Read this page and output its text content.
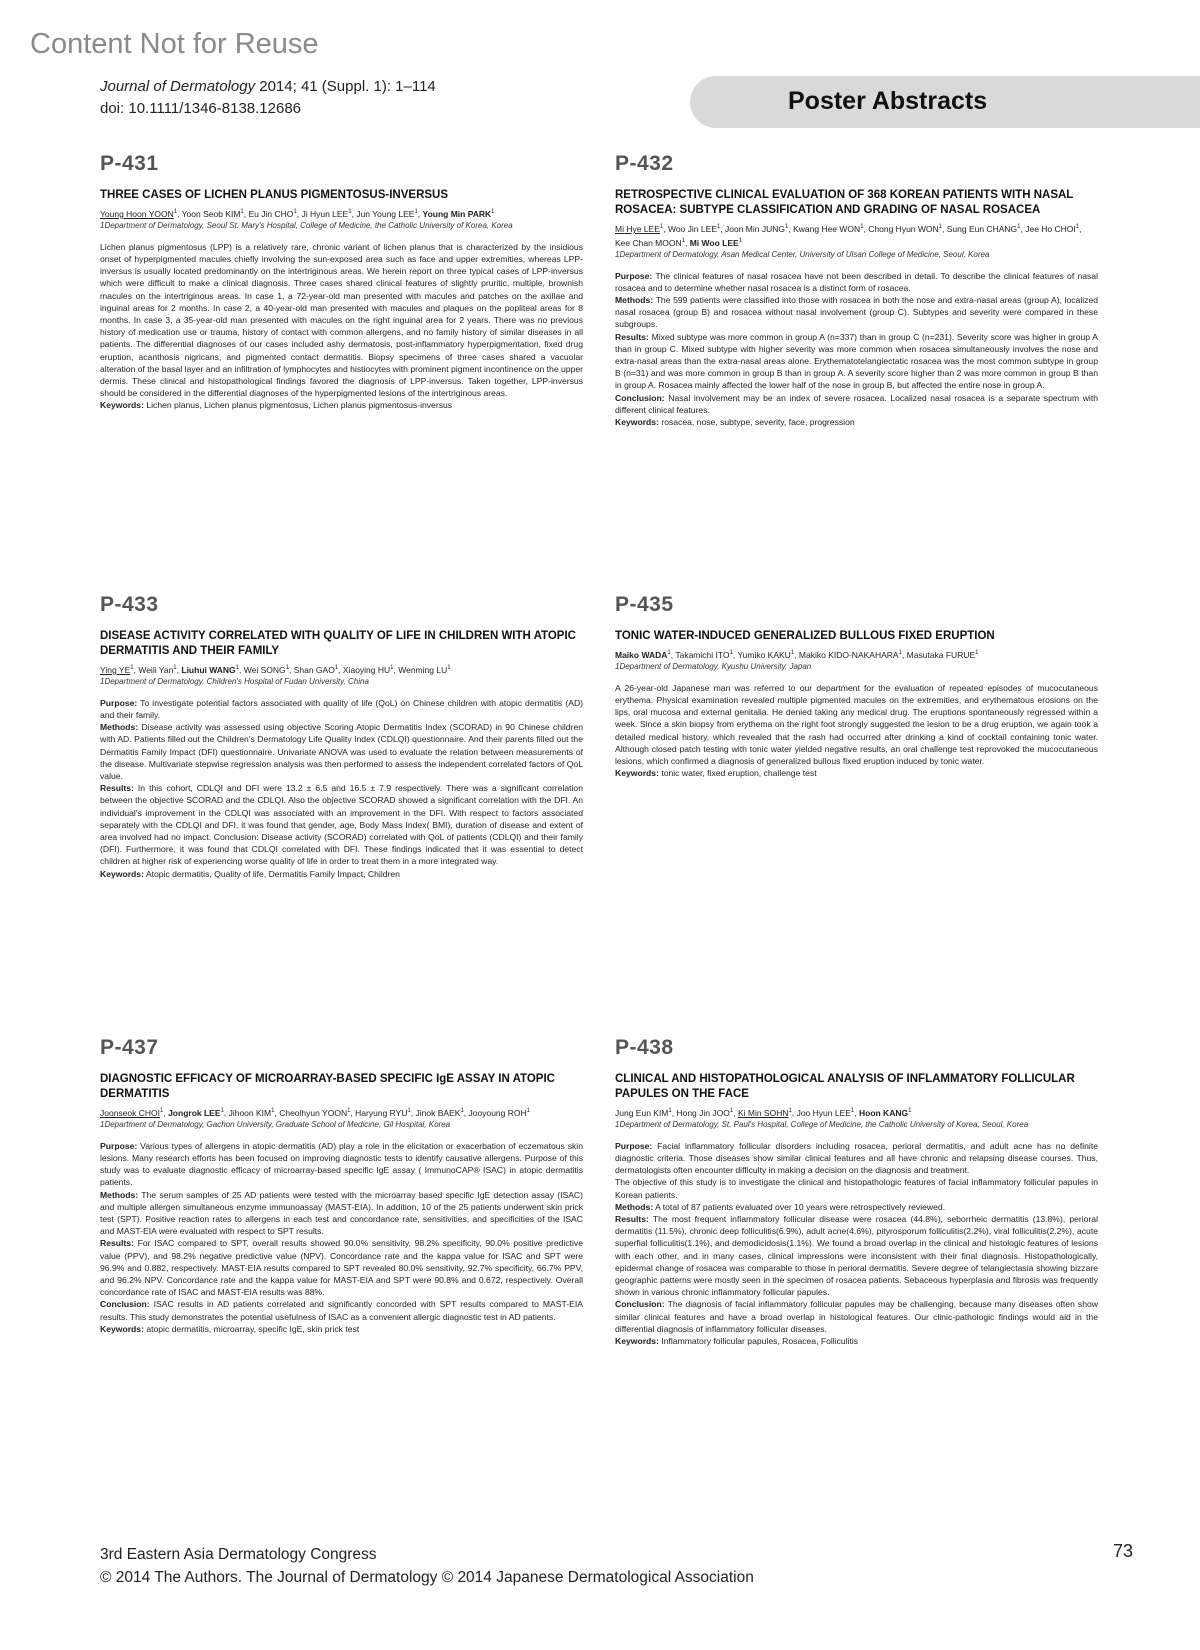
Content Not for Reuse
Journal of Dermatology 2014; 41 (Suppl. 1): 1–114
doi: 10.1111/1346-8138.12686	Poster Abstracts
P-431
THREE CASES OF LICHEN PLANUS PIGMENTOSUS-INVERSUS
Young Hoon YOON$^1$, Yoon Seob KIM$^1$, Eu Jin CHO$^1$, Ji Hyun LEE$^1$, Jun Young LEE$^1$, Young Min PARK$^1$
1Department of Dermatology, Seoul St. Mary's Hospital, College of Medicine, the Catholic University of Korea, Korea

Lichen planus pigmentosus (LPP) is a relatively rare, chronic variant of lichen planus that is characterized by the insidious onset of hyperpigmented macules chiefly involving the sun-exposed area such as face and upper extremities, whereas LPP-inversus is usually located predominantly on the intertriginous areas. We herein report on three typical cases of LPP-inversus which were difficult to make a clinical diagnosis. Three cases shared clinical features of slightly pruritic, multiple, brownish macules on the intertriginous areas. In case 1, a 72-year-old man presented with macules and patches on the axillae and inguinal areas for 2 months. In case 2, a 40-year-old man presented with macules and plaques on the popliteal areas for 8 months. In case 3, a 35-year-old man presented with macules on the right inguinal area for 2 years. There was no previous history of medication use or trauma, history of contact with common allergens, and no family history of similar diseases in all patients. The differential diagnoses of our cases included ashy dermatosis, post-inflammatory hyperpigmentation, fixed drug eruption, acanthosis nigricans, and pigmented contact dermatitis. Biopsy specimens of three cases shared a vacuolar alteration of the basal layer and an infiltration of lymphocytes and histiocytes with prominent pigment incontinence on the upper dermis. These clinical and histopathological findings favored the diagnosis of LPP-inversus. Taken together, LPP-inversus should be considered in the differential diagnoses of the hyperpigmented lesions of the intertriginous areas.

Keywords: Lichen planus, Lichen planus pigmentosus, Lichen planus pigmentosus-inversus

P-432
RETROSPECTIVE CLINICAL EVALUATION OF 368 KOREAN PATIENTS WITH NASAL ROSACEA: SUBTYPE CLASSIFICATION AND GRADING OF NASAL ROSACEA
Mi Hye LEE$^1$, Woo Jin LEE$^1$, Joon Min JUNG$^1$, Kwang Hee WON$^1$, Chong Hyun WON$^1$, Sung Eun CHANG$^1$, Jee Ho CHOI$^1$, Kee Chan MOON$^1$, Mi Woo LEE$^1$
1Department of Dermatology, Asan Medical Center, University of Ulsan College of Medicine, Seoul, Korea

Purpose: The clinical features of nasal rosacea have not been described in detail. To describe the clinical features of nasal rosacea and to determine whether nasal rosacea is a distinct form of rosacea.

Methods: The 599 patients were classified into those with rosacea in both the nose and extra-nasal areas (group A), localized nasal rosacea (group B) and rosacea without nasal involvement (group C). Subtypes and severity were compared in these subgroups.

Results: Mixed subtype was more common in group A (n=337) than in group C (n=231). Severity score was higher in group A than in group C. Mixed subtype with higher severity was more common when rosacea simultaneously involves the nose and extra-nasal areas than the extra-nasal areas alone. Erythematotelangiectatic rosacea was the most common subtype in group B (n=31) and was more common in group B than in group A. A severity score higher than 2 was more common in group B than in group A. Rosacea mainly affected the lower half of the nose in group B, but affected the entire nose in group A.

Conclusion: Nasal involvement may be an index of severe rosacea. Localized nasal rosacea is a separate spectrum with different clinical features.

Keywords: rosacea, nose, subtype, severity, face, progression

P-433
DISEASE ACTIVITY CORRELATED WITH QUALITY OF LIFE IN CHILDREN WITH ATOPIC DERMATITIS AND THEIR FAMILY
Ying $YE^1$, Weili Yan$^1$, Liuhui WANG$^1$, Wei SONG$^1$, Shan GAO$^1$, Xiaoying $HU^1$, Wenming $LU^1$
1Department of Dermatology, Children's Hospital of Fudan University, China

Purpose: To investigate potential factors associated with quality of life (QoL) on Chinese children with atopic dermatitis (AD) and their family.

Methods: Disease activity was assessed using objective Scoring Atopic Dermatitis Index (SCORAD) in 90 Chinese children with AD. Patients filled out the Children's Dermatology Life Quality Index (CDLQI) questionnaire. And their parents filled out the Dermatitis Family Impact (DFI) questionnaire. Univariate ANOVA was used to evaluate the relation between measurements of the disease. Multivariate stepwise regression analysis was then performed to assess the independent correlated factors of QoL value.

Results: In this cohort, CDLQI and DFI were 13.2 ± 6.5 and 16.5 ± 7.9 respectively. There was a significant correlation between the objective SCORAD and the CDLQI. Also the objective SCORAD showed a significant correlation with the DFI. An individual's improvement in the CDLQI was associated with an improvement in the DFI. With respect to factors associated separately with the CDLQI and DFI, it was found that gender, age, Body Mass Index( BMI), duration of disease and extent of area involved had no impact. Conclusion: Disease activity (SCORAD) correlated with QoL of patients (CDLQI) and their family (DFI). Furthermore, it was found that CDLQI correlated with DFI. These findings indicated that it was essential to detect children at higher risk of experiencing worse quality of life in order to treat them in a more integrated way.

Keywords: Atopic dermatitis, Quality of life, Dermatitis Family Impact, Children

P-435
TONIC WATER-INDUCED GENERALIZED BULLOUS FIXED ERUPTION
Maiko WADA$^1$, Takamichi ITO$^1$, Yumiko KAKU$^1$, Makiko KIDO-NAKAHARA$^1$, Masutaka FURUE$^1$
1Department of Dermatology, Kyushu University, Japan

A 26-year-old Japanese man was referred to our department for the evaluation of repeated episodes of mucocutaneous erythema. Physical examination revealed multiple pigmented macules on the extremities, and erythematous erosions on the lips, oral mucosa and external genitalia. He denied taking any medical drug. The eruptions spontaneously regressed within a week. Since a skin biopsy from erythema on the right foot strongly suggested the lesion to be a drug eruption, we again took a detailed medical history, which revealed that the rash had occurred after drinking a kind of cocktail containing tonic water. Although closed patch testing with tonic water yielded negative results, an oral challenge test reprovoked the mucocutaneous lesions, which confirmed a diagnosis of generalized bullous fixed eruption induced by tonic water.

Keywords: tonic water, fixed eruption, challenge test

P-437
DIAGNOSTIC EFFICACY OF MICROARRAY-BASED SPECIFIC IgE ASSAY IN ATOPIC DERMATITIS
Joonseok CHOI$^1$, Jongrok LEE$^1$, Jihoon KIM$^1$, Cheolhyun YOON$^1$, Haryung RYU$^1$, Jinok BAEK$^1$, Jooyoung ROH$^1$
1Department of Dermatology, Gachon University, Graduate School of Medicine, Gil Hospital, Korea

Purpose: Various types of allergens in atopic dermatitis (AD) play a role in the elicitation or exacerbation of eczematous skin lesions. Many research efforts has been focused on improving diagnostic tests to identify causative allergens. Purpose of this study was to evaluate diagnostic efficacy of microarray-based specific IgE assay ( ImmunoCAP® ISAC) in atopic dermatitis patients.

Methods: The serum samples of 25 AD patients were tested with the microarray based specific IgE detection assay (ISAC) and multiple allergen simultaneous enzyme immunoassay (MAST-EIA). In addition, 10 of the 25 patients underwent skin prick test (SPT). Positive reaction rates to allergens in each test and concordance rate, sensitivities, and specificities of the ISAC and MAST-EIA were evaluated with respect to SPT results.

Results: For ISAC compared to SPT, overall results showed 90.0% sensitivity, 98.2% specificity, 90.0% positive predictive value (PPV), and 98.2% negative predictive value (NPV). Concordance rate and the kappa value for ISAC and SPT were 96.9% and 0.882, respectively. MAST-EIA results compared to SPT revealed 80.0% sensitivity, 92.7% specificity, 66.7% PPV, and 96.2% NPV. Concordance rate and the kappa value for MAST-EIA and SPT were 90.8% and 0.672, respectively. Overall concordance rate of ISAC and MAST-EIA results was 88%.

Conclusion: ISAC results in AD patients correlated and significantly concorded with SPT results compared to MAST-EIA results. This study demonstrates the potential usefulness of ISAC as a convenient allergic diagnostic test in AD patients.

Keywords: atopic dermatitis, microarray, specific IgE, skin prick test

P-438
CLINICAL AND HISTOPATHOLOGICAL ANALYSIS OF INFLAMMATORY FOLLICULAR PAPULES ON THE FACE
Jung Eun KIM$^1$, Hong Jin JOO$^1$, Ki Min SOHN$^1$, Joo Hyun LEE$^1$, Hoon KANG$^1$
1Department of Dermatology, St. Paul's Hospital, College of Medicine, the Catholic University of Korea, Seoul, Korea

Purpose: Facial inflammatory follicular disorders including rosacea, perioral dermatitis, and adult acne has no definite diagnostic criteria. Those diseases show similar clinical features and all have chronic and relapsing disease courses. Thus, dermatologists often encounter difficulty in making a decision on the diagnosis and treatment.

The objective of this study is to investigate the clinical and histopathologic features of facial inflammatory follicular papules in Korean patients.

Methods: A total of 87 patients evaluated over 10 years were retrospectively reviewed.

Results: The most frequent inflammatory follicular disease were rosacea (44.8%), seborrheic dermatitis (13.8%), perioral dermatitis (11.5%), chronic deep folliculitis(6.9%), adult acne(4.6%), pityrosporum folliculitis(2.2%), viral folliculitis(2.2%), acute superfial folliculitis(1.1%), and demodicidosis(1.1%). We found a broad overlap in the clinical and histologic features of lesions with each other, and in many cases, clinical impressions were inconsistent with their final diagnosis. Histopathologically, epidermal change of rosacea was comparable to those in perioral dermatitis. Severe degree of telangiectasia showing bizzare geographic patterns were mostly seen in the specimen of rosacea patients. Sebaceous hyperplasia and fibrosis was frequently shown in various chronic inflammatory follicular papules.

Conclusion: The diagnosis of facial inflammatory follicular papules may be challenging, because many diseases often show similar clinical features and have a broad overlap in histological features. Our clinic-pathologic findings would aid in the differential diagnosis of inflammatory follicular diseases.

Keywords: Inflammatory follicular papules, Rosacea, Folliculitis

3rd Eastern Asia Dermatology Congress
© 2014 The Authors. The Journal of Dermatology © 2014 Japanese Dermatological Association
73
